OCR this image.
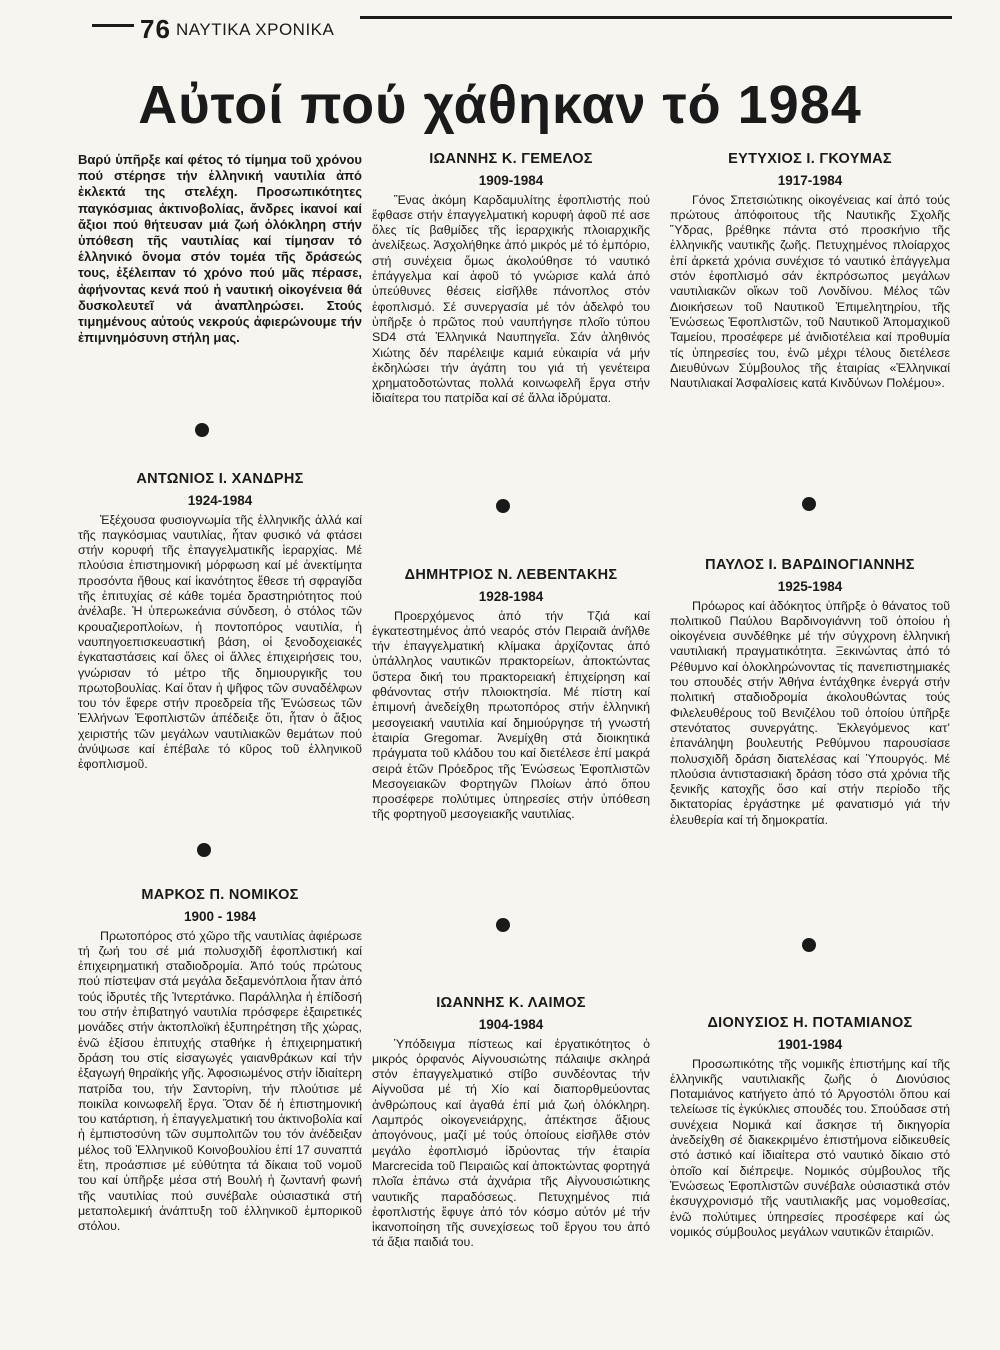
76 ΝΑΥΤΙΚΑ ΧΡΟΝΙΚΑ
Αὐτοί πού χάθηκαν τό 1984
Βαρύ ὑπῆρξε καί φέτος τό τίμημα τοῦ χρόνου πού στέρησε τήν ἑλληνική ναυτιλία ἀπό ἐκλεκτά της στελέχη. Προσωπικότητες παγκόσμιας ἀκτινοβολίας, ἄνδρες ἱκανοί καί ἄξιοι πού θήτευσαν μιά ζωή ὁλόκληρη στήν ὑπόθεση τῆς ναυτιλίας καί τίμησαν τό ἑλληνικό ὄνομα στόν τομέα τῆς δράσεώς τους, ἐξέλειπαν τό χρόνο πού μᾶς πέρασε, ἀφήνοντας κενά πού ἡ ναυτική οἰκογένεια θά δυσκολευτεῖ νά ἀναπληρώσει. Στούς τιμημένους αὐτούς νεκρούς ἀφιερώνουμε τήν ἐπιμνημόσυνη στήλη μας.

ΑΝΤΩΝΙΟΣ Ι. ΧΑΝΔΡΗΣ

1924-1984

Ἐξέχουσα φυσιογνωμία τῆς ἑλληνικῆς ἀλλά καί τῆς παγκόσμιας ναυτιλίας, ἦταν φυσικό νά φτάσει στήν κορυφή τῆς ἐπαγγελματικῆς ἱεραρχίας. Μέ πλούσια ἐπιστημονική μόρφωση καί μέ ἀνεκτίμητα προσόντα ἤθους καί ἱκανότητος ἔθεσε τή σφραγίδα τῆς ἐπιτυχίας σέ κάθε τομέα δραστηριότητος πού ἀνέλαβε. Ἡ ὑπερωκεάνια σύνδεση, ὁ στόλος τῶν κρουαζιεροπλοίων, ἡ ποντοπόρος ναυτιλία, ἡ ναυπηγοεπισκευαστική βάση, οἱ ξενοδοχειακές ἐγκαταστάσεις καί ὅλες οἱ ἄλλες ἐπιχειρήσεις του, γνώρισαν τό μέτρο τῆς δημιουργικῆς του πρωτοβουλίας. Καί ὅταν ἡ ψῆφος τῶν συναδέλφων του τόν ἔφερε στήν προεδρεία τῆς Ἑνώσεως τῶν Ἑλλήνων Ἐφοπλιστῶν ἀπέδειξε ὅτι, ἦταν ὁ ἄξιος χειριστής τῶν μεγάλων ναυτιλιακῶν θεμάτων πού ἀνύψωσε καί ἐπέβαλε τό κῦρος τοῦ ἑλληνικοῦ ἐφοπλισμοῦ.

ΜΑΡΚΟΣ Π. ΝΟΜΙΚΟΣ

1900 - 1984

Πρωτοπόρος στό χῶρο τῆς ναυτιλίας ἀφιέρωσε τή ζωή του σέ μιά πολυσχιδῆ ἐφοπλιστική καί ἐπιχειρηματική σταδιοδρομία. Ἀπό τούς πρώτους πού πίστεψαν στά μεγάλα δεξαμενόπλοια ἦταν ἀπό τούς ἱδρυτές τῆς Ἰντερτάνκο. Παράλληλα ἡ ἐπίδοσή του στήν ἐπιβατηγό ναυτιλία πρόσφερε ἐξαιρετικές μονάδες στήν ἀκτοπλοϊκή ἐξυπηρέτηση τῆς χώρας, ἐνῶ ἐξίσου ἐπιτυχής σταθήκε ἡ ἐπιχειρηματική δράση του στίς εἰσαγωγές γαιανθράκων καί τήν ἐξαγωγή θηραϊκής γῆς. Ἀφοσιωμένος στήν ἰδιαίτερη πατρίδα του, τήν Σαντορίνη, τήν πλούτισε μέ ποικίλα κοινωφελῆ ἔργα. Ὅταν δέ ἡ ἐπιστημονική του κατάρτιση, ἡ ἐπαγγελματική του ἀκτινοβολία καί ἡ ἐμπιστοσύνη τῶν συμπολιτῶν του τόν ἀνέδειξαν μέλος τοῦ Ἑλληνικοῦ Κοινοβουλίου ἐπί 17 συναπτά ἔτη, προάσπισε μέ εὐθύτητα τά δίκαια τοῦ νομοῦ του καί ὑπῆρξε μέσα στή Βουλή ἡ ζωντανή φωνή τῆς ναυτιλίας πού συνέβαλε οὐσιαστικά στή μεταπολεμική ἀνάπτυξη τοῦ ἑλληνικοῦ ἐμπορικοῦ στόλου.

ΙΩΑΝΝΗΣ Κ. ΓΕΜΕΛΟΣ

1909-1984

Ἕνας ἀκόμη Καρδαμυλίτης ἐφοπλιστής πού ἔφθασε στήν ἐπαγγελματική κορυφή ἀφοῦ πέ ασε ὅλες τίς βαθμίδες τῆς ἱεραρχικής πλοιαρχικῆς ἀνελίξεως. Ἀσχολήθηκε ἀπό μικρός μέ τό ἐμπόριο, στή συνέχεια ὅμως ἀκολούθησε τό ναυτικό ἐπάγγελμα καί ἀφοῦ τό γνώρισε καλά ἀπό ὑπεύθυνες θέσεις εἰσῆλθε πάνοπλος στόν ἐφοπλισμό. Σέ συνεργασία μέ τόν ἀδελφό του ὑπῆρξε ὁ πρῶτος πού ναυπήγησε πλοῖο τύπου SD4 στά Ἑλληνικά Ναυπηγεῖα. Σάν ἀληθινός Χιώτης δέν παρέλειψε καμιά εὐκαιρία νά μήν ἐκδηλώσει τήν ἀγάπη του γιά τή γενέτειρα χρηματοδοτώντας πολλά κοινωφελῆ ἔργα στήν ἰδιαίτερα του πατρίδα καί σέ ἄλλα ἱδρύματα.

ΔΗΜΗΤΡΙΟΣ Ν. ΛΕΒΕΝΤΑΚΗΣ

1928-1984

Προερχόμενος ἀπό τήν Τζιά καί ἐγκατεστημένος ἀπό νεαρός στόν Πειραιᾶ ἀνῆλθε τήν ἐπαγγελματική κλίμακα ἀρχίζοντας ἀπό ὑπάλληλος ναυτικῶν πρακτορείων, ἀποκτώντας ὕστερα δική του πρακτορειακή ἐπιχείρηση καί φθάνοντας στήν πλοιοκτησία. Μέ πίστη καί ἐπιμονή ἀνεδείχθη πρωτοπόρος στήν ἑλληνική μεσογειακή ναυτιλία καί δημιούργησε τή γνωστή ἑταιρία Gregomar. Ἀνεμίχθη στά διοικητικά πράγματα τοῦ κλάδου του καί διετέλεσε ἐπί μακρά σειρά ἐτῶν Πρόεδρος τῆς Ἑνώσεως Ἐφοπλιστῶν Μεσογειακῶν Φορτηγῶν Πλοίων ἀπό ὅπου προσέφερε πολύτιμες ὑπηρεσίες στήν ὑπόθεση τῆς φορτηγοῦ μεσογειακῆς ναυτιλίας.

ΙΩΑΝΝΗΣ Κ. ΛΑΙΜΟΣ

1904-1984

Ὑπόδειγμα πίστεως καί ἐργατικότητος ὁ μικρός ὀρφανός Αἰγνουσιώτης πάλαιψε σκληρά στόν ἐπαγγελματικό στίβο συνδέοντας τήν Αἰγνοῦσα μέ τή Χίο καί διαπορθμεύοντας ἀνθρώπους καί ἀγαθά ἐπί μιά ζωή ὁλόκληρη. Λαμπρός οἰκογενειάρχης, ἀπέκτησε ἄξιους ἀπογόνους, μαζί μέ τούς ὁποίους εἰσῆλθε στόν μεγάλο ἐφοπλισμό ἱδρύοντας τήν ἑταιρία Marcrecida τοῦ Πειραιῶς καί ἀποκτώντας φορτηγά πλοῖα ἐπάνω στά ἀχνάρια τῆς Αἰγνουσιώτικης ναυτικῆς παραδόσεως. Πετυχημένος πιά ἐφοπλιστής ἔφυγε ἀπό τόν κόσμο αὐτόν μέ τήν ἱκανοποίηση τῆς συνεχίσεως τοῦ ἔργου του ἀπό τά ἄξια παιδιά του.

ΕΥΤΥΧΙΟΣ Ι. ΓΚΟΥΜΑΣ

1917-1984

Γόνος Σπετσιώτικης οἰκογένειας καί ἀπό τούς πρώτους ἀπόφοιτους τῆς Ναυτικῆς Σχολῆς Ὕδρας, βρέθηκε πάντα στό προσκήνιο τῆς ἑλληνικῆς ναυτικῆς ζωῆς. Πετυχημένος πλοίαρχος ἐπί ἀρκετά χρόνια συνέχισε τό ναυτικό ἐπάγγελμα στόν ἐφοπλισμό σάν ἐκπρόσωπος μεγάλων ναυτιλιακῶν οἴκων τοῦ Λονδίνου. Μέλος τῶν Διοικήσεων τοῦ Ναυτικοῦ Ἐπιμελητηρίου, τῆς Ἑνώσεως Ἐφοπλιστῶν, τοῦ Ναυτικοῦ Ἀπομαχικοῦ Ταμείου, προσέφερε μέ ἀνιδιοτέλεια καί προθυμία τίς ὑπηρεσίες του, ἐνῶ μέχρι τέλους διετέλεσε Διευθύνων Σύμβουλος τῆς ἑταιρίας «Ἑλληνικαί Ναυτιλιακαί Ἀσφαλίσεις κατά Κινδύνων Πολέμου».

ΠΑΥΛΟΣ Ι. ΒΑΡΔΙΝΟΓΙΑΝΝΗΣ

1925-1984

Πρόωρος καί ἀδόκητος ὑπῆρξε ὁ θάνατος τοῦ πολιτικοῦ Παύλου Βαρδινογιάννη τοῦ ὁποίου ἡ οἰκογένεια συνδέθηκε μέ τήν σύγχρονη ἑλληνική ναυτιλιακή πραγματικότητα. Ξεκινώντας ἀπό τό Ρέθυμνο καί ὁλοκληρώνοντας τίς πανεπιστημιακές του σπουδές στήν Ἀθήνα ἐντάχθηκε ἐνεργά στήν πολιτική σταδιοδρομία ἀκολουθώντας τούς Φιλελευθέρους τοῦ Βενιζέλου τοῦ ὁποίου ὑπῆρξε στενότατος συνεργάτης. Ἐκλεγόμενος κατ’ ἐπανάληψη βουλευτής Ρεθύμνου παρουσίασε πολυσχιδῆ δράση διατελέσας καί Ὑπουργός. Μέ πλούσια ἀντιστασιακή δράση τόσο στά χρόνια τῆς ξενικῆς κατοχῆς ὅσο καί στήν περίοδο τῆς δικτατορίας ἐργάστηκε μέ φανατισμό γιά τήν ἐλευθερία καί τή δημοκρατία.

ΔΙΟΝΥΣΙΟΣ Η. ΠΟΤΑΜΙΑΝΟΣ

1901-1984

Προσωπικότης τῆς νομικῆς ἐπιστήμης καί τῆς ἑλληνικῆς ναυτιλιακῆς ζωῆς ὁ Διονύσιος Ποταμιάνος κατήγετο ἀπό τό Ἀργοστόλι ὅπου καί τελείωσε τίς ἐγκύκλιες σπουδές του. Σπούδασε στή συνέχεια Νομικά καί ἄσκησε τή δικηγορία ἀνεδείχθη σέ διακεκριμένο ἐπιστήμονα εἰδικευθείς στό ἀστικό καί ἰδιαίτερα στό ναυτικό δίκαιο στό ὁποῖο καί διέπρεψε. Νομικός σύμβουλος τῆς Ἑνώσεως Ἐφοπλιστῶν συνέβαλε οὐσιαστικά στόν ἐκσυγχρονισμό τῆς ναυτιλιακῆς μας νομοθεσίας, ἐνῶ πολύτιμες ὑπηρεσίες προσέφερε καί ὡς νομικός σύμβουλος μεγάλων ναυτικῶν ἑταιριῶν.
